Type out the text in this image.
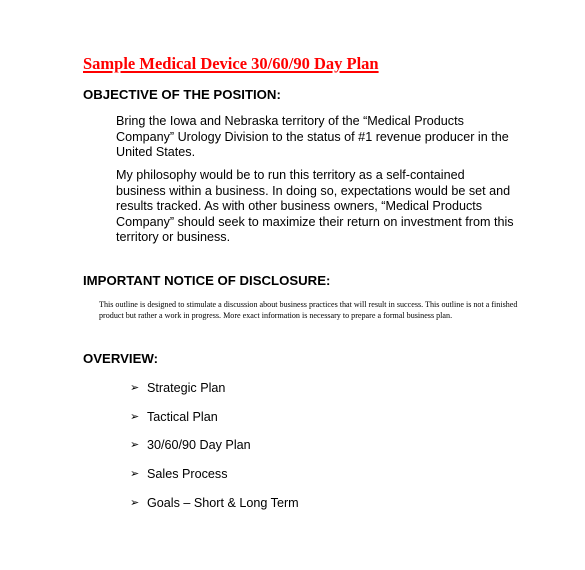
Sample Medical Device 30/60/90 Day Plan
OBJECTIVE OF THE POSITION:

Bring the Iowa and Nebraska territory of the “Medical Products Company” Urology Division to the status of #1 revenue producer in the United States.

My philosophy would be to run this territory as a self-contained business within a business. In doing so, expectations would be set and results tracked. As with other business owners, “Medical Products Company” should seek to maximize their return on investment from this territory or business.

IMPORTANT NOTICE OF DISCLOSURE:

This outline is designed to stimulate a discussion about business practices that will result in success. This outline is not a finished product but rather a work in progress. More exact information is necessary to prepare a formal business plan.

OVERVIEW:
➢ Strategic Plan
➢ Tactical Plan
➢ 30/60/90 Day Plan
➢ Sales Process
➢ Goals – Short & Long Term
